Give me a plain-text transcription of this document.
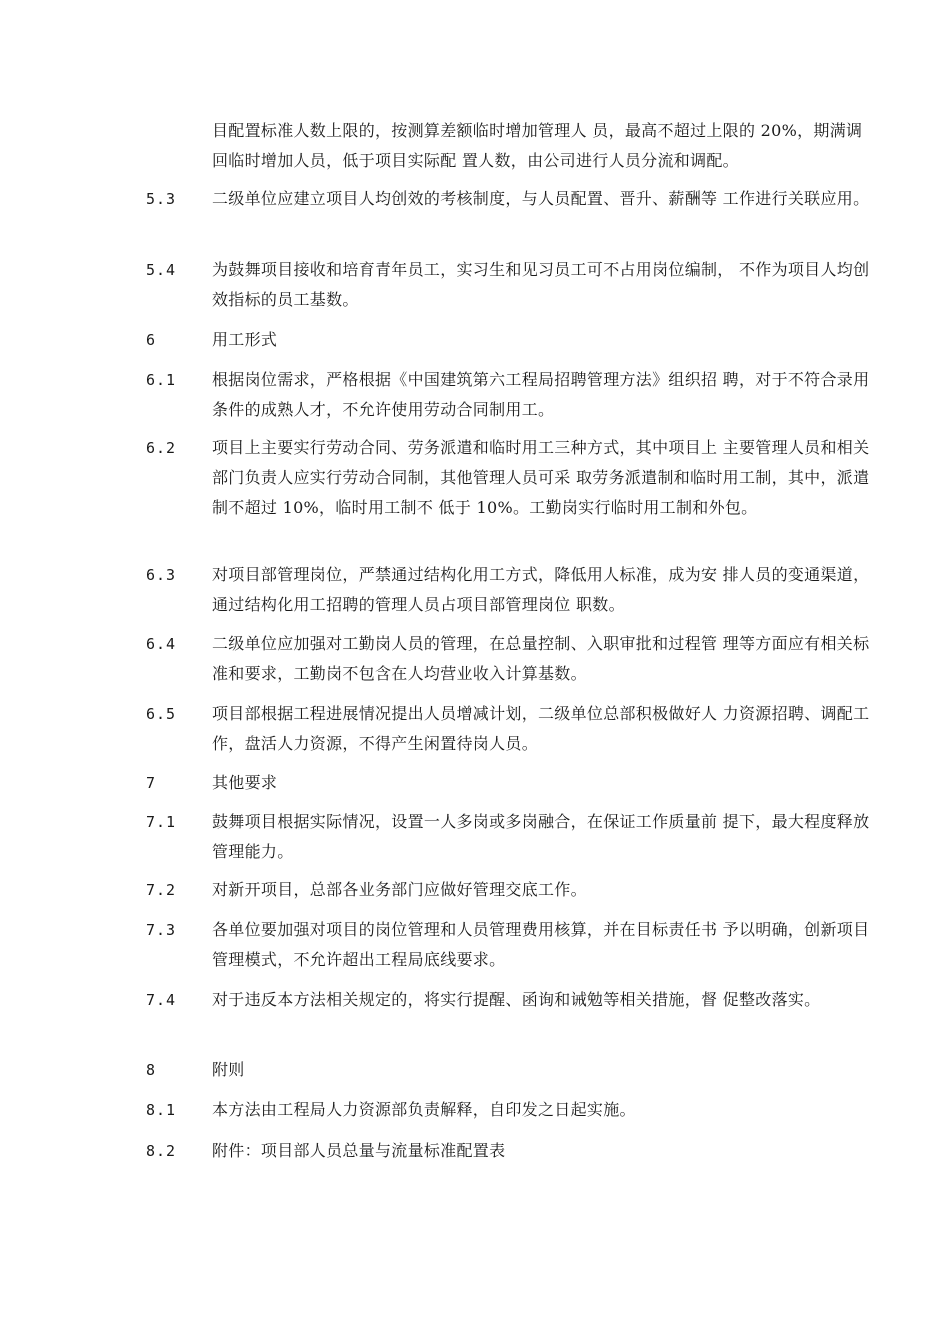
目配置标准人数上限的，按测算差额临时增加管理人 员，最高不超过上限的 20%，期满调回临时增加人员，低于项目实际配 置人数，由公司进行人员分流和调配。
5.3 二级单位应建立项目人均创效的考核制度，与人员配置、晋升、薪酬等 工作进行关联应用。
5.4 为鼓舞项目接收和培育青年员工，实习生和见习员工可不占用岗位编制， 不作为项目人均创效指标的员工基数。
6	用工形式
6.1 根据岗位需求，严格根据《中国建筑第六工程局招聘管理方法》组织招 聘，对于不符合录用条件的成熟人才，不允许使用劳动合同制用工。
6.2 项目上主要实行劳动合同、劳务派遣和临时用工三种方式，其中项目上 主要管理人员和相关部门负责人应实行劳动合同制，其他管理人员可采 取劳务派遣制和临时用工制，其中，派遣制不超过 10%，临时用工制不 低于 10%。工勤岗实行临时用工制和外包。
6.3 对项目部管理岗位，严禁通过结构化用工方式，降低用人标准，成为安 排人员的变通渠道，通过结构化用工招聘的管理人员占项目部管理岗位 职数。
6.4 二级单位应加强对工勤岗人员的管理，在总量控制、入职审批和过程管 理等方面应有相关标准和要求，工勤岗不包含在人均营业收入计算基数。
6.5 项目部根据工程进展情况提出人员增减计划，二级单位总部积极做好人 力资源招聘、调配工作，盘活人力资源，不得产生闲置待岗人员。
7	其他要求
7.1 鼓舞项目根据实际情况，设置一人多岗或多岗融合，在保证工作质量前 提下，最大程度释放管理能力。
7.2 对新开项目，总部各业务部门应做好管理交底工作。
7.3 各单位要加强对项目的岗位管理和人员管理费用核算，并在目标责任书 予以明确，创新项目管理模式，不允许超出工程局底线要求。
7.4 对于违反本方法相关规定的，将实行提醒、函询和诫勉等相关措施，督 促整改落实。
8	附则
8.1 本方法由工程局人力资源部负责解释，自印发之日起实施。
8.2 附件：项目部人员总量与流量标准配置表
